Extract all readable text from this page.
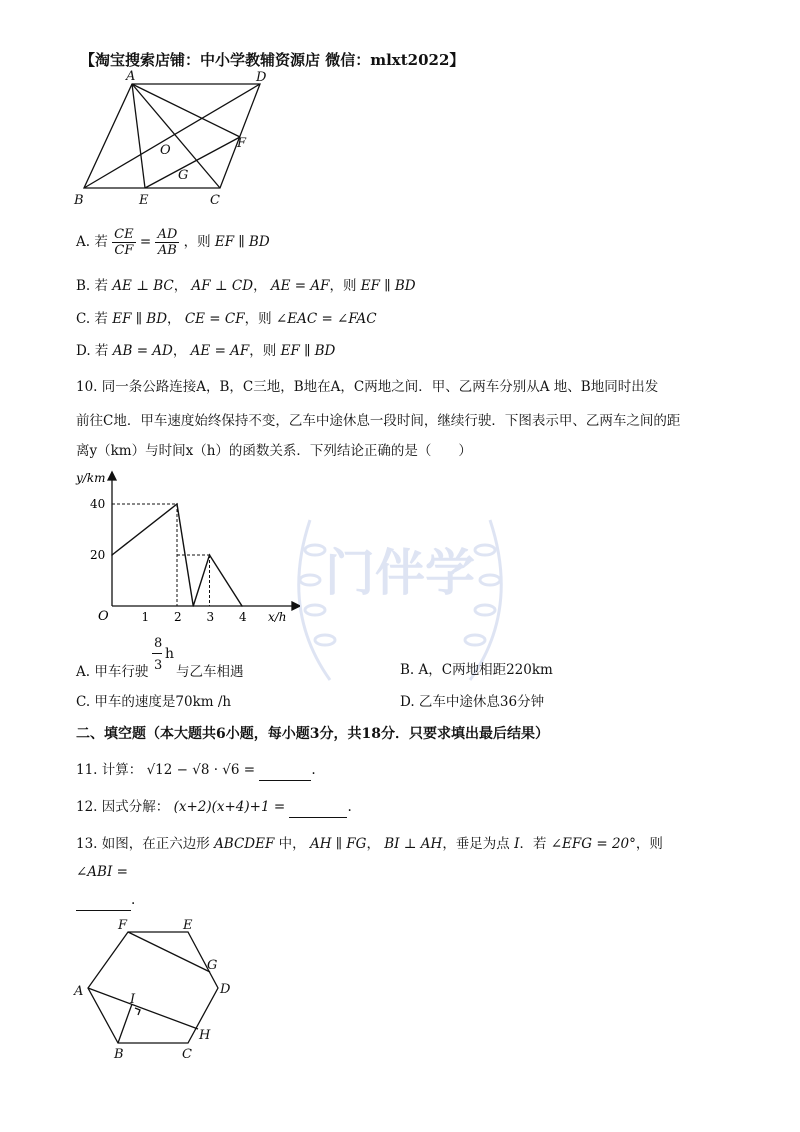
【淘宝搜索店铺：中小学教辅资源店 微信：mlxt2022】
A	D
B	E	C
F
O
G
A. 若 $\frac{CE}{CF} = \frac{AD}{AB}$ ，则 EF ∥ BD
B. 若 AE ⊥ BC， AF ⊥ CD， AE = AF，则 EF ∥ BD
C. 若 EF ∥ BD， CE = CF，则 ∠EAC = ∠FAC
D. 若 AB = AD， AE = AF，则 EF ∥ BD
门伴学
10. 同一条公路连接A，B，C三地，B地在A，C两地之间．甲、乙两车分别从A 地、B地同时出发
前往C地．甲车速度始终保持不变，乙车中途休息一段时间，继续行驶．下图表示甲、乙两车之间的距
离y（km）与时间x（h）的函数关系．下列结论正确的是（　　）
y/km
x/h
O	1 2 3 4
20
40
A. 甲车行驶
8
3
h
与乙车相遇	B. A，C两地相距220km
C. 甲车的速度是70km /h	D. 乙车中途休息36分钟
二、填空题（本大题共6小题，每小题3分，共18分．只要求填出最后结果）
11. 计算： √12 − √8 · √6 =	.
12. 因式分解： (x+2)(x+4)+1 =	.
13. 如图，在正六边形 ABCDEF 中， AH ∥ FG， BI ⊥ AH，垂足为点 I．若 ∠EFG = 20°，则
∠ABI =
.
F	E
G
A	D
I
H
B	C
